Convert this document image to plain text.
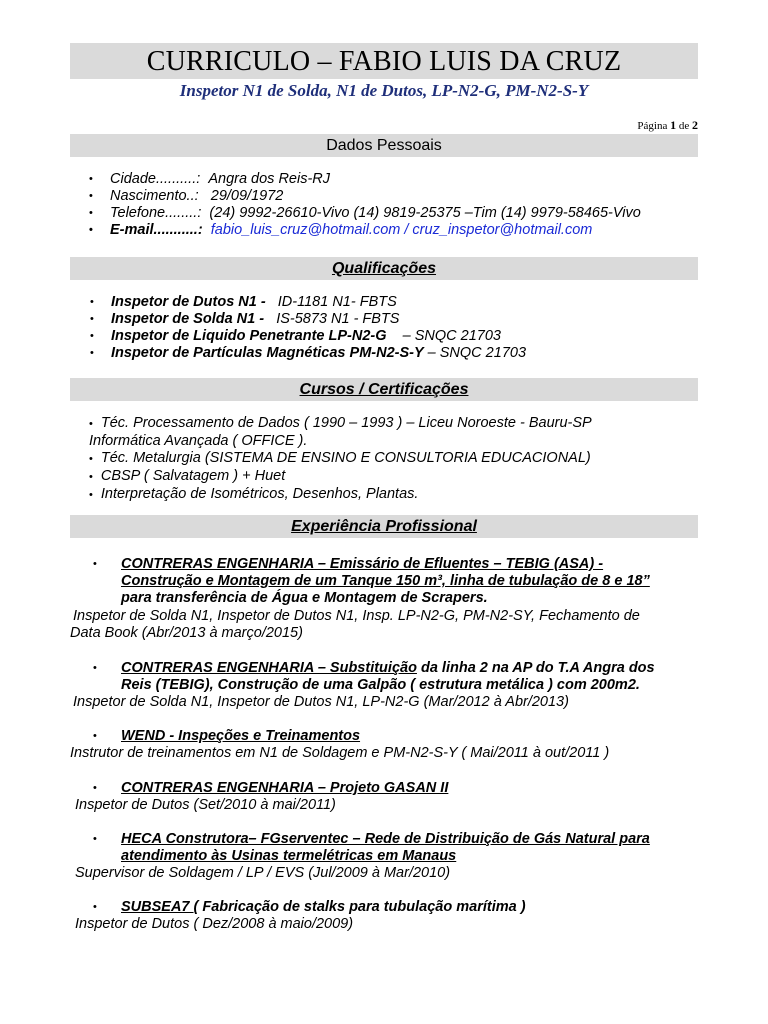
CURRICULO – FABIO LUIS DA CRUZ
Inspetor N1 de Solda, N1 de Dutos, LP-N2-G, PM-N2-S-Y
Página 1 de 2
Dados Pessoais
• Cidade..........: Angra dos Reis-RJ
• Nascimento..: 29/09/1972
• Telefone........: (24) 9992-26610-Vivo (14) 9819-25375 –Tim (14) 9979-58465-Vivo
• E-mail...........: fabio_luis_cruz@hotmail.com / cruz_inspetor@hotmail.com
Qualificações
• Inspetor de Dutos N1 - ID-1181 N1- FBTS
• Inspetor de Solda N1 - IS-5873 N1 - FBTS
• Inspetor de Liquido Penetrante LP-N2-G    – SNQC 21703
• Inspetor de Partículas Magnéticas PM-N2-S-Y – SNQC 21703
Cursos / Certificações
• Téc. Processamento de Dados ( 1990 – 1993 ) – Liceu Noroeste - Bauru-SP
Informática Avançada ( OFFICE ).
• Téc. Metalurgia (SISTEMA DE ENSINO E CONSULTORIA EDUCACIONAL)
• CBSP ( Salvatagem ) + Huet
• Interpretação de Isométricos, Desenhos, Plantas.
Experiência Profissional
• CONTRERAS ENGENHARIA – Emissário de Efluentes – TEBIG (ASA) -
Construção e Montagem de um Tanque 150 m³, linha de tubulação de 8 e 18”
para transferência de Água e Montagem de Scrapers.
Inspetor de Solda N1, Inspetor de Dutos N1, Insp. LP-N2-G, PM-N2-SY, Fechamento de
Data Book (Abr/2013 à março/2015)
• CONTRERAS ENGENHARIA – Substituição da linha 2 na AP do T.A Angra dos
Reis (TEBIG), Construção de uma Galpão ( estrutura metálica ) com 200m2.
Inspetor de Solda N1, Inspetor de Dutos N1, LP-N2-G (Mar/2012 à Abr/2013)
• WEND - Inspeções e Treinamentos
Instrutor de treinamentos em N1 de Soldagem e PM-N2-S-Y ( Mai/2011 à out/2011 )
• CONTRERAS ENGENHARIA – Projeto GASAN II
Inspetor de Dutos (Set/2010 à mai/2011)
• HECA Construtora– FGserventec – Rede de Distribuição de Gás Natural para
atendimento às Usinas termelétricas em Manaus
Supervisor de Soldagem / LP / EVS (Jul/2009 à Mar/2010)
• SUBSEA7 ( Fabricação de stalks para tubulação marítima )
Inspetor de Dutos ( Dez/2008 à maio/2009)
